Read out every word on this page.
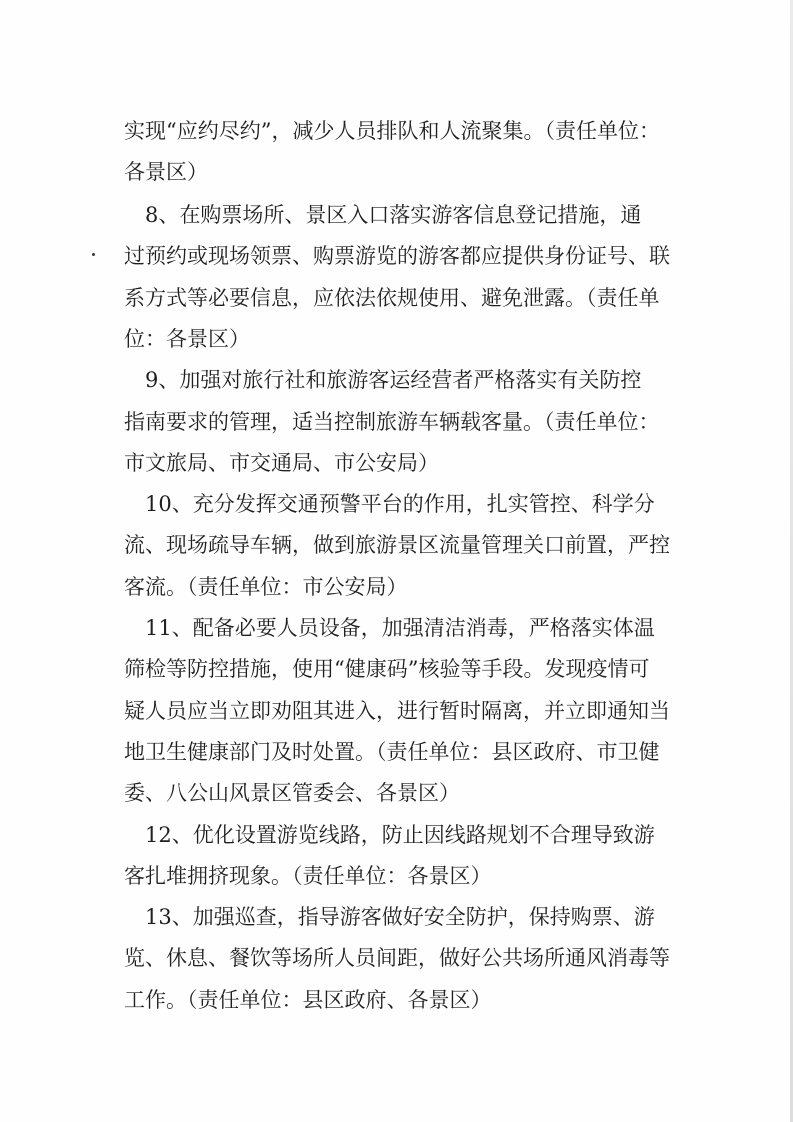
实现“应约尽约”，减少人员排队和人流聚集。（责任单位：
各景区）
　8、在购票场所、景区入口落实游客信息登记措施，通
过预约或现场领票、购票游览的游客都应提供身份证号、联
系方式等必要信息，应依法依规使用、避免泄露。（责任单
位：各景区）
　9、加强对旅行社和旅游客运经营者严格落实有关防控
指南要求的管理，适当控制旅游车辆载客量。（责任单位：
市文旅局、市交通局、市公安局）
　10、充分发挥交通预警平台的作用，扎实管控、科学分
流、现场疏导车辆，做到旅游景区流量管理关口前置，严控
客流。（责任单位：市公安局）
　11、配备必要人员设备，加强清洁消毒，严格落实体温
筛检等防控措施，使用“健康码”核验等手段。发现疫情可
疑人员应当立即劝阻其进入，进行暂时隔离，并立即通知当
地卫生健康部门及时处置。（责任单位：县区政府、市卫健
委、八公山风景区管委会、各景区）
　12、优化设置游览线路，防止因线路规划不合理导致游
客扎堆拥挤现象。（责任单位：各景区）
　13、加强巡查，指导游客做好安全防护，保持购票、游
览、休息、餐饮等场所人员间距，做好公共场所通风消毒等
工作。（责任单位：县区政府、各景区）
